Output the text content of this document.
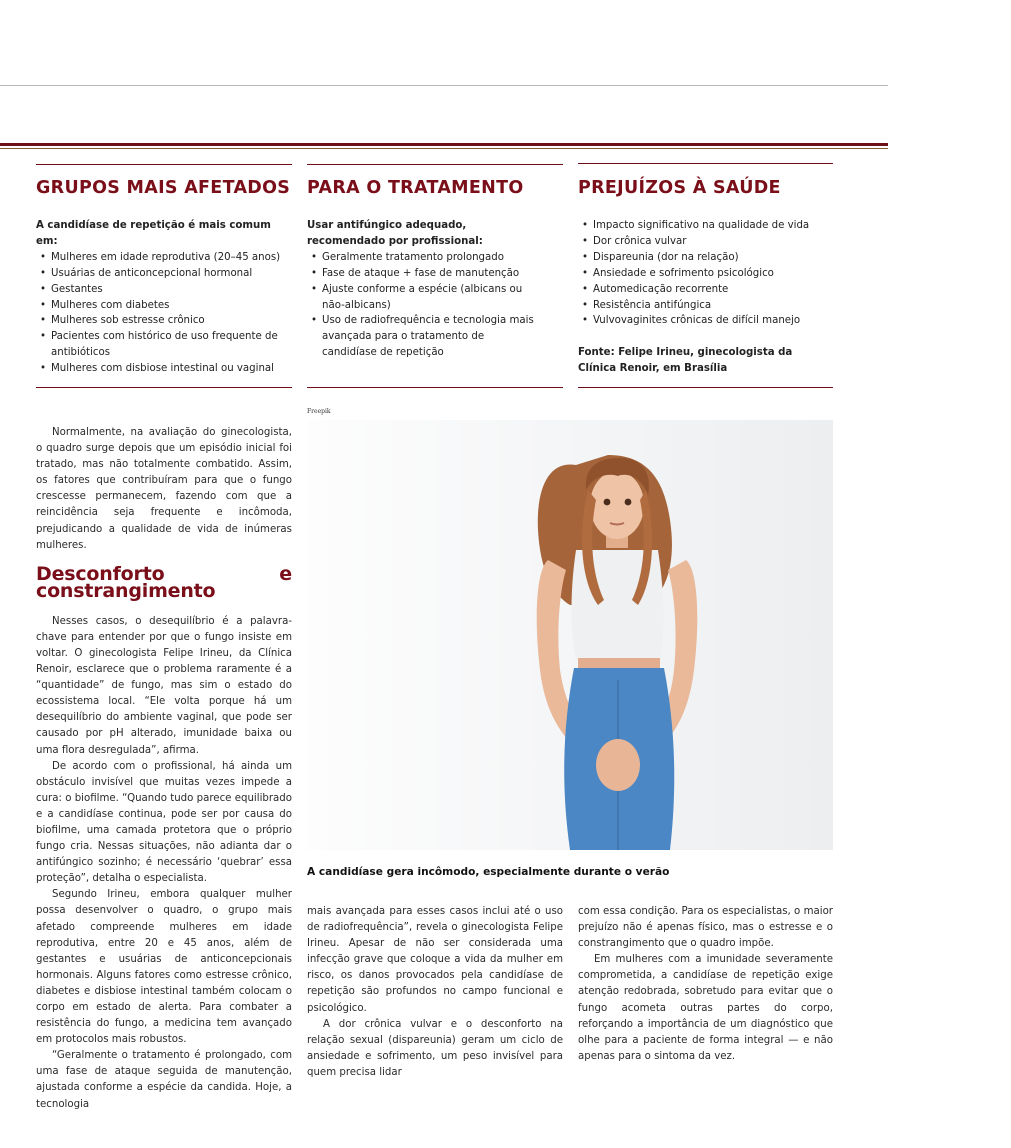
GRUPOS MAIS AFETADOS
A candidíase de repetição é mais comum em:
• Mulheres em idade reprodutiva (20–45 anos)
• Usuárias de anticoncepcional hormonal
• Gestantes
• Mulheres com diabetes
• Mulheres sob estresse crônico
• Pacientes com histórico de uso frequente de antibióticos
• Mulheres com disbiose intestinal ou vaginal
PARA O TRATAMENTO
Usar antifúngico adequado, recomendado por profissional:
• Geralmente tratamento prolongado
• Fase de ataque + fase de manutenção
• Ajuste conforme a espécie (albicans ou não-albicans)
• Uso de radiofrequência e tecnologia mais avançada para o tratamento de candidíase de repetição
PREJUÍZOS À SAÚDE
• Impacto significativo na qualidade de vida
• Dor crônica vulvar
• Dispareunia (dor na relação)
• Ansiedade e sofrimento psicológico
• Automedicação recorrente
• Resistência antifúngica
• Vulvovaginites crônicas de difícil manejo
Fonte: Felipe Irineu, ginecologista da Clínica Renoir, em Brasília
Freepik
A candidíase gera incômodo, especialmente durante o verão

Normalmente, na avaliação do ginecologista, o quadro surge depois que um episódio inicial foi tratado, mas não totalmente combatido. Assim, os fatores que contribuíram para que o fungo crescesse permanecem, fazendo com que a reincidência seja frequente e incômoda, prejudicando a qualidade de vida de inúmeras mulheres.

Desconforto e constrangimento

Nesses casos, o desequilíbrio é a palavra-chave para entender por que o fungo insiste em voltar. O ginecologista Felipe Irineu, da Clínica Renoir, esclarece que o problema raramente é a “quantidade” de fungo, mas sim o estado do ecossistema local. “Ele volta porque há um desequilíbrio do ambiente vaginal, que pode ser causado por pH alterado, imunidade baixa ou uma flora desregulada”, afirma.

De acordo com o profissional, há ainda um obstáculo invisível que muitas vezes impede a cura: o biofilme. “Quando tudo parece equilibrado e a candidíase continua, pode ser por causa do biofilme, uma camada protetora que o próprio fungo cria. Nessas situações, não adianta dar o antifúngico sozinho; é necessário ‘quebrar’ essa proteção”, detalha o especialista.

Segundo Irineu, embora qualquer mulher possa desenvolver o quadro, o grupo mais afetado compreende mulheres em idade reprodutiva, entre 20 e 45 anos, além de gestantes e usuárias de anticoncepcionais hormonais. Alguns fatores como estresse crônico, diabetes e disbiose intestinal também colocam o corpo em estado de alerta. Para combater a resistência do fungo, a medicina tem avançado em protocolos mais robustos.

“Geralmente o tratamento é prolongado, com uma fase de ataque seguida de manutenção, ajustada conforme a espécie da candida. Hoje, a tecnologia

mais avançada para esses casos inclui até o uso de radiofrequência”, revela o ginecologista Felipe Irineu. Apesar de não ser considerada uma infecção grave que coloque a vida da mulher em risco, os danos provocados pela candidíase de repetição são profundos no campo funcional e psicológico.

A dor crônica vulvar e o desconforto na relação sexual (dispareunia) geram um ciclo de ansiedade e sofrimento, um peso invisível para quem precisa lidar

com essa condição. Para os especialistas, o maior prejuízo não é apenas físico, mas o estresse e o constrangimento que o quadro impõe.

Em mulheres com a imunidade severamente comprometida, a candidíase de repetição exige atenção redobrada, sobretudo para evitar que o fungo acometa outras partes do corpo, reforçando a importância de um diagnóstico que olhe para a paciente de forma integral — e não apenas para o sintoma da vez.
